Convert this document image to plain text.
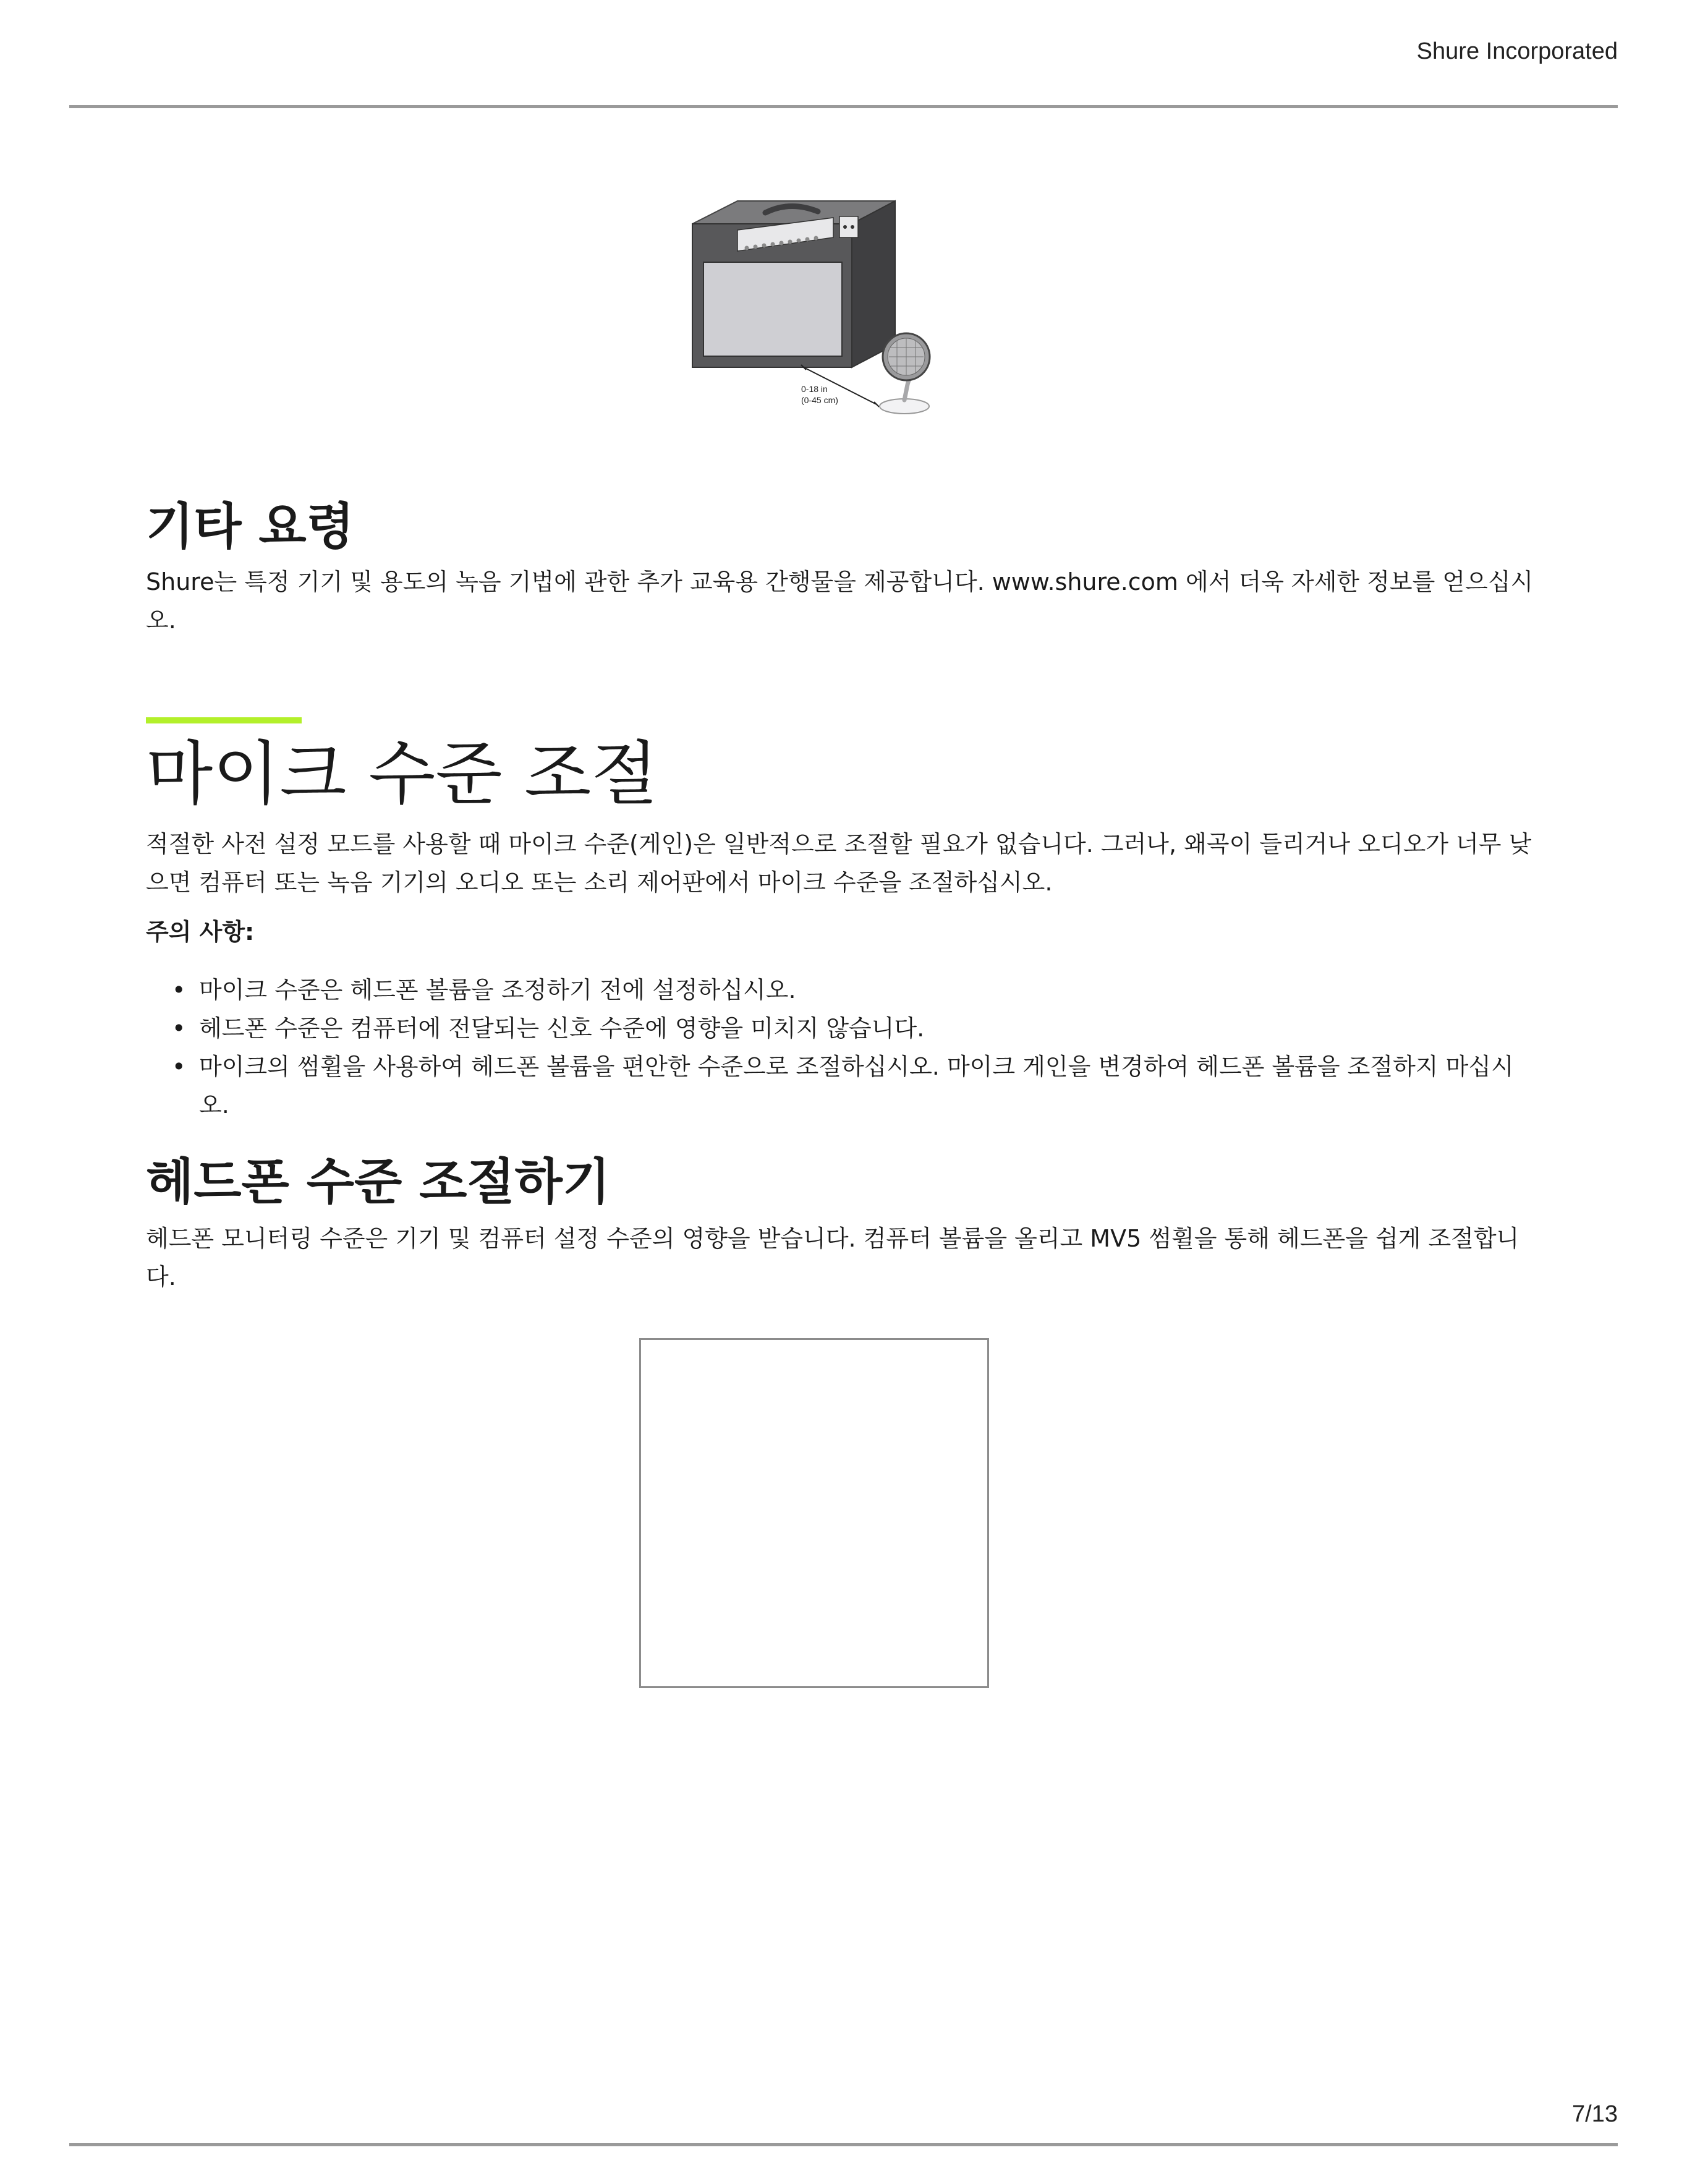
Shure Incorporated
0-18 in
(0-45 cm)
기타 요령

Shure는 특정 기기 및 용도의 녹음 기법에 관한 추가 교육용 간행물을 제공합니다. www.shure.com 에서 더욱 자세한 정보를 얻으십시오.

마이크 수준 조절

적절한 사전 설정 모드를 사용할 때 마이크 수준(게인)은 일반적으로 조절할 필요가 없습니다. 그러나, 왜곡이 들리거나 오디오가 너무 낮으면 컴퓨터 또는 녹음 기기의 오디오 또는 소리 제어판에서 마이크 수준을 조절하십시오.

주의 사항:

• 마이크 수준은 헤드폰 볼륨을 조정하기 전에 설정하십시오.
• 헤드폰 수준은 컴퓨터에 전달되는 신호 수준에 영향을 미치지 않습니다.
• 마이크의 썸휠을 사용하여 헤드폰 볼륨을 편안한 수준으로 조절하십시오. 마이크 게인을 변경하여 헤드폰 볼륨을 조절하지 마십시오.
헤드폰 수준 조절하기

헤드폰 모니터링 수준은 기기 및 컴퓨터 설정 수준의 영향을 받습니다. 컴퓨터 볼륨을 올리고 MV5 썸휠을 통해 헤드폰을 쉽게 조절합니다.

7/13
